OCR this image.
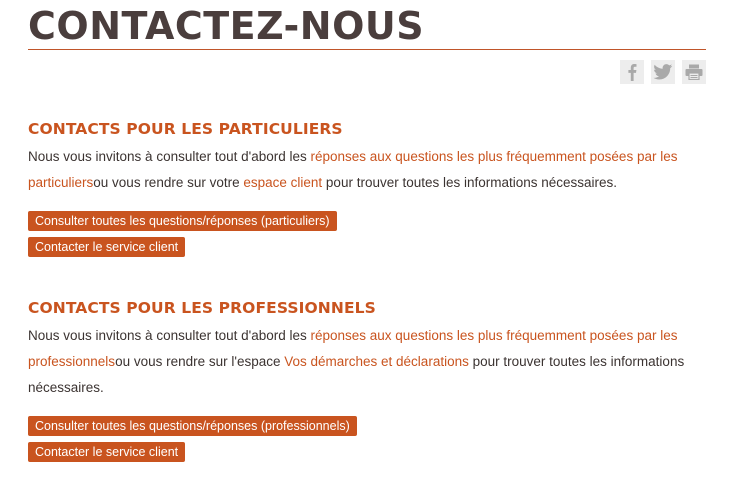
CONTACTEZ-NOUS
CONTACTS POUR LES PARTICULIERS

Nous vous invitons à consulter tout d'abord les réponses aux questions les plus fréquemment posées par les particuliersou vous rendre sur votre espace client pour trouver toutes les informations nécessaires.

Consulter toutes les questions/réponses (particuliers)
Contacter le service client
CONTACTS POUR LES PROFESSIONNELS

Nous vous invitons à consulter tout d'abord les réponses aux questions les plus fréquemment posées par les professionnelsou vous rendre sur l'espace Vos démarches et déclarations pour trouver toutes les informations nécessaires.

Consulter toutes les questions/réponses (professionnels)
Contacter le service client
